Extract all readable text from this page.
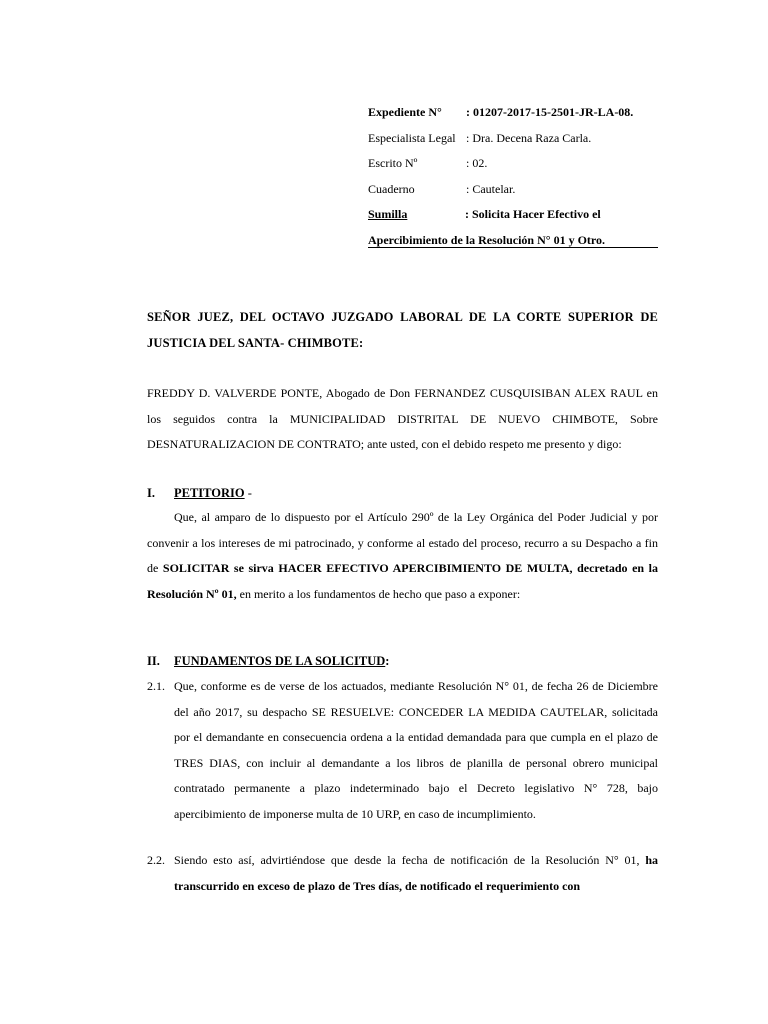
Expediente N° : 01207-2017-15-2501-JR-LA-08.
Especialista Legal : Dra. Decena Raza Carla.
Escrito Nº	: 02.
Cuaderno	: Cautelar.
Sumilla	: Solicita Hacer Efectivo el
Apercibimiento de la Resolución N° 01 y Otro.
SEÑOR JUEZ, DEL OCTAVO JUZGADO LABORAL DE LA CORTE SUPERIOR DE JUSTICIA DEL SANTA- CHIMBOTE:
FREDDY D. VALVERDE PONTE, Abogado de Don FERNANDEZ CUSQUISIBAN ALEX RAUL en los seguidos contra la MUNICIPALIDAD DISTRITAL DE NUEVO CHIMBOTE, Sobre DESNATURALIZACION DE CONTRATO; ante usted, con el debido respeto me presento y digo:
I. PETITORIO -
Que, al amparo de lo dispuesto por el Artículo 290º de la Ley Orgánica del Poder Judicial y por convenir a los intereses de mi patrocinado, y conforme al estado del proceso, recurro a su Despacho a fin de SOLICITAR se sirva HACER EFECTIVO APERCIBIMIENTO DE MULTA, decretado en la Resolución Nº 01, en merito a los fundamentos de hecho que paso a exponer:
II. FUNDAMENTOS DE LA SOLICITUD:
2.1. Que, conforme es de verse de los actuados, mediante Resolución N° 01, de fecha 26 de Diciembre del año 2017, su despacho SE RESUELVE: CONCEDER LA MEDIDA CAUTELAR, solicitada por el demandante en consecuencia ordena a la entidad demandada para que cumpla en el plazo de TRES DIAS, con incluir al demandante a los libros de planilla de personal obrero municipal contratado permanente a plazo indeterminado bajo el Decreto legislativo N° 728, bajo apercibimiento de imponerse multa de 10 URP, en caso de incumplimiento.
2.2. Siendo esto así, advirtiéndose que desde la fecha de notificación de la Resolución N° 01, ha transcurrido en exceso de plazo de Tres días, de notificado el requerimiento con
